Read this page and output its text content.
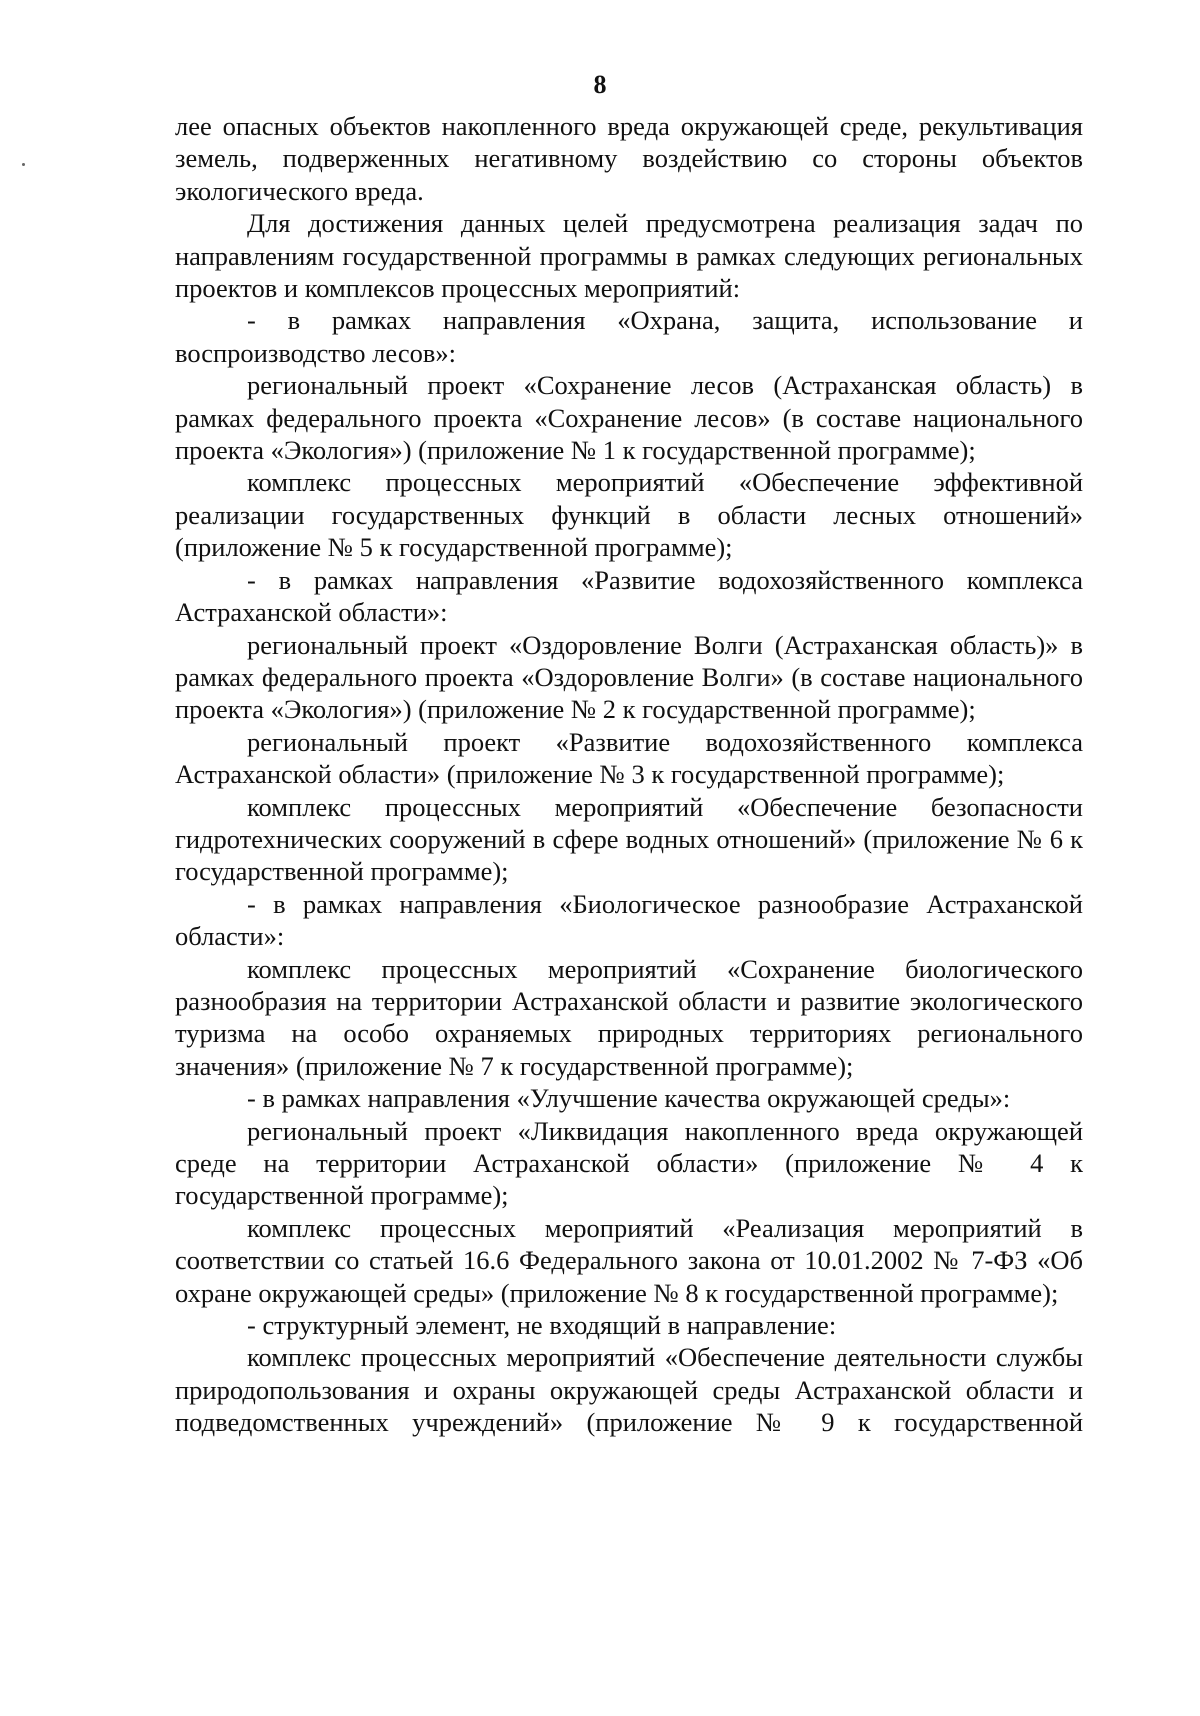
8

лее опасных объектов накопленного вреда окружающей среде, рекультивация земель, подверженных негативному воздействию со стороны объектов экологического вреда.

Для достижения данных целей предусмотрена реализация задач по направлениям государственной программы в рамках следующих региональных проектов и комплексов процессных мероприятий:

- в рамках направления «Охрана, защита, использование и воспроизводство лесов»:

региональный проект «Сохранение лесов (Астраханская область) в рамках федерального проекта «Сохранение лесов» (в составе национального проекта «Экология») (приложение № 1 к государственной программе);

комплекс процессных мероприятий «Обеспечение эффективной реализации государственных функций в области лесных отношений» (приложение № 5 к государственной программе);

- в рамках направления «Развитие водохозяйственного комплекса Астраханской области»:

региональный проект «Оздоровление Волги (Астраханская область)» в рамках федерального проекта «Оздоровление Волги» (в составе национального проекта «Экология») (приложение № 2 к государственной программе);

региональный проект «Развитие водохозяйственного комплекса Астраханской области» (приложение № 3 к государственной программе);

комплекс процессных мероприятий «Обеспечение безопасности гидротехнических сооружений в сфере водных отношений» (приложение № 6 к государственной программе);

- в рамках направления «Биологическое разнообразие Астраханской области»:

комплекс процессных мероприятий «Сохранение биологического разнообразия на территории Астраханской области и развитие экологического туризма на особо охраняемых природных территориях регионального значения» (приложение № 7 к государственной программе);

- в рамках направления «Улучшение качества окружающей среды»:

региональный проект «Ликвидация накопленного вреда окружающей среде на территории Астраханской области» (приложение № 4 к государственной программе);

комплекс процессных мероприятий «Реализация мероприятий в соответствии со статьей 16.6 Федерального закона от 10.01.2002 № 7-ФЗ «Об охране окружающей среды» (приложение № 8 к государственной программе);

- структурный элемент, не входящий в направление:

комплекс процессных мероприятий «Обеспечение деятельности службы природопользования и охраны окружающей среды Астраханской области и подведомственных учреждений» (приложение № 9 к государственной
